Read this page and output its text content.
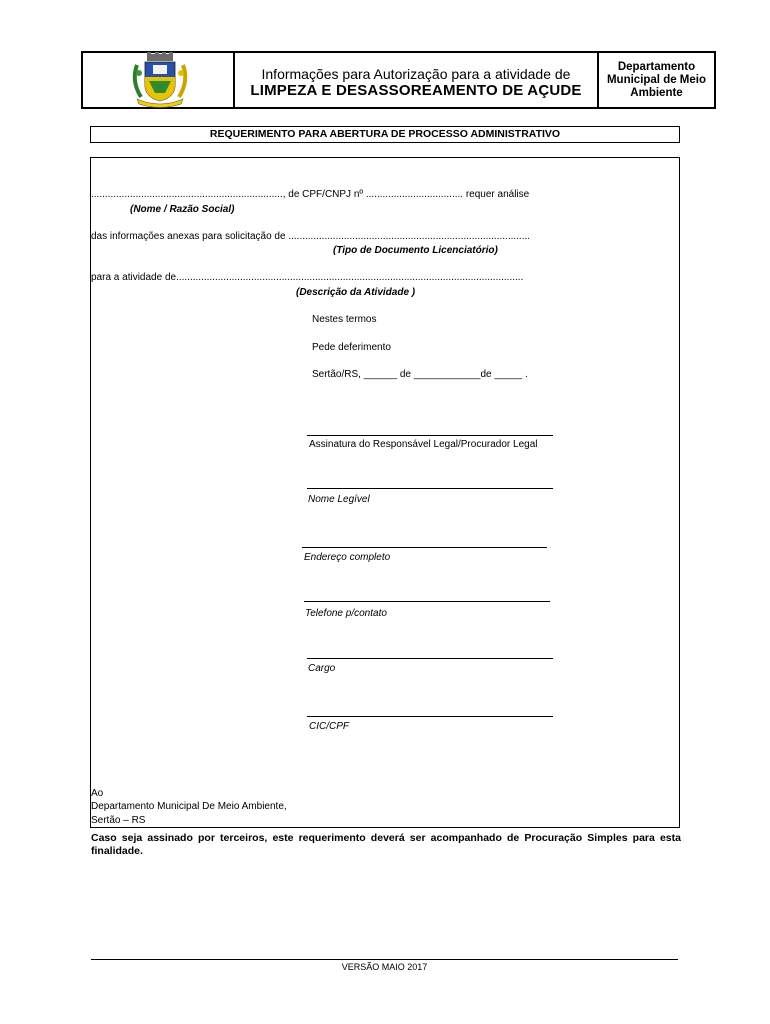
Informações para Autorização para a atividade de
LIMPEZA E DESASSOREAMENTO DE AÇUDE
Departamento
Municipal de Meio
Ambiente
REQUERIMENTO PARA ABERTURA DE PROCESSO ADMINISTRATIVO
....................................................................., de CPF/CNPJ nº ................................... requer análise
(Nome / Razão Social)
das informações anexas para solicitação de .......................................................................................
(Tipo de Documento Licenciatório)
para a atividade de.............................................................................................................................
(Descrição da Atividade )
Nestes termos
Pede deferimento
Sertão/RS, ______ de ____________de _____ .
Assinatura do Responsável Legal/Procurador Legal
Nome Legível
Endereço completo
Telefone p/contato
Cargo
CIC/CPF
Ao
Departamento Municipal De Meio Ambiente,
Sertão – RS
Caso seja assinado por terceiros, este requerimento deverá ser acompanhado de Procuração Simples para esta finalidade.
VERSÃO MAIO 2017
